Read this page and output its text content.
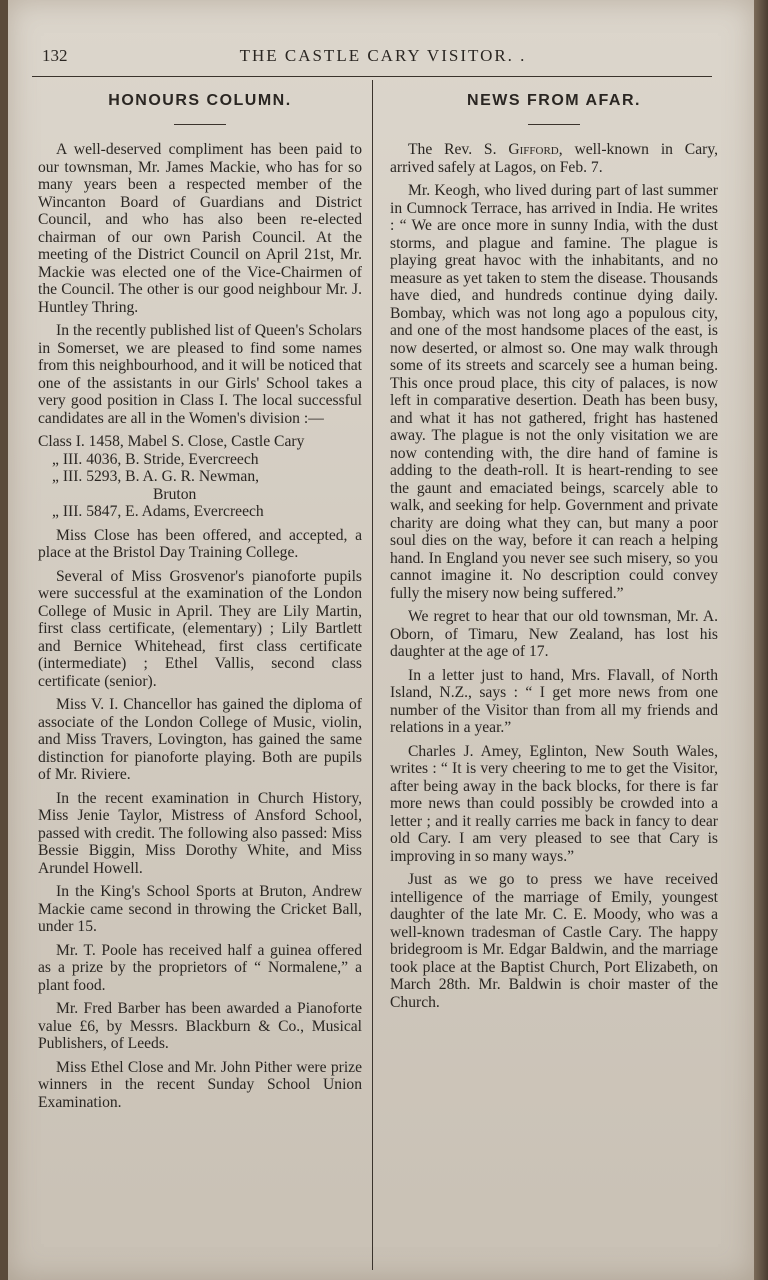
132	THE CASTLE CARY VISITOR. .
HONOURS COLUMN.

A well-deserved compliment has been paid to our townsman, Mr. James Mackie, who has for so many years been a respected member of the Wincanton Board of Guardians and District Council, and who has also been re-elected chairman of our own Parish Council. At the meeting of the District Council on April 21st, Mr. Mackie was elected one of the Vice-Chairmen of the Council. The other is our good neighbour Mr. J. Huntley Thring.

In the recently published list of Queen's Scholars in Somerset, we are pleased to find some names from this neighbourhood, and it will be noticed that one of the assistants in our Girls' School takes a very good position in Class I. The local successful candidates are all in the Women's division :—

Class I. 1458, Mabel S. Close, Castle Cary
„ III. 4036, B. Stride, Evercreech
„ III. 5293, B. A. G. R. Newman,
Bruton
„ III. 5847, E. Adams, Evercreech

Miss Close has been offered, and accepted, a place at the Bristol Day Training College.

Several of Miss Grosvenor's pianoforte pupils were successful at the examination of the London College of Music in April. They are Lily Martin, first class certificate, (elementary) ; Lily Bartlett and Bernice Whitehead, first class certificate (intermediate) ; Ethel Vallis, second class certificate (senior).

Miss V. I. Chancellor has gained the diploma of associate of the London College of Music, violin, and Miss Travers, Lovington, has gained the same distinction for pianoforte playing. Both are pupils of Mr. Riviere.

In the recent examination in Church History, Miss Jenie Taylor, Mistress of Ansford School, passed with credit. The following also passed: Miss Bessie Biggin, Miss Dorothy White, and Miss Arundel Howell.

In the King's School Sports at Bruton, Andrew Mackie came second in throwing the Cricket Ball, under 15.

Mr. T. Poole has received half a guinea offered as a prize by the proprietors of “ Normalene,” a plant food.

Mr. Fred Barber has been awarded a Pianoforte value £6, by Messrs. Blackburn & Co., Musical Publishers, of Leeds.

Miss Ethel Close and Mr. John Pither were prize winners in the recent Sunday School Union Examination.

NEWS FROM AFAR.

The Rev. S. Gifford, well-known in Cary, arrived safely at Lagos, on Feb. 7.

Mr. Keogh, who lived during part of last summer in Cumnock Terrace, has arrived in India. He writes : “ We are once more in sunny India, with the dust storms, and plague and famine. The plague is playing great havoc with the inhabitants, and no measure as yet taken to stem the disease. Thousands have died, and hundreds continue dying daily. Bombay, which was not long ago a populous city, and one of the most handsome places of the east, is now deserted, or almost so. One may walk through some of its streets and scarcely see a human being. This once proud place, this city of palaces, is now left in comparative desertion. Death has been busy, and what it has not gathered, fright has hastened away. The plague is not the only visitation we are now contending with, the dire hand of famine is adding to the death-roll. It is heart-rending to see the gaunt and emaciated beings, scarcely able to walk, and seeking for help. Government and private charity are doing what they can, but many a poor soul dies on the way, before it can reach a helping hand. In England you never see such misery, so you cannot imagine it. No description could convey fully the misery now being suffered.”

We regret to hear that our old townsman, Mr. A. Oborn, of Timaru, New Zealand, has lost his daughter at the age of 17.

In a letter just to hand, Mrs. Flavall, of North Island, N.Z., says : “ I get more news from one number of the Visitor than from all my friends and relations in a year.”

Charles J. Amey, Eglinton, New South Wales, writes : “ It is very cheering to me to get the Visitor, after being away in the back blocks, for there is far more news than could possibly be crowded into a letter ; and it really carries me back in fancy to dear old Cary. I am very pleased to see that Cary is improving in so many ways.”

Just as we go to press we have received intelligence of the marriage of Emily, youngest daughter of the late Mr. C. E. Moody, who was a well-known tradesman of Castle Cary. The happy bridegroom is Mr. Edgar Baldwin, and the marriage took place at the Baptist Church, Port Elizabeth, on March 28th. Mr. Baldwin is choir master of the Church.
